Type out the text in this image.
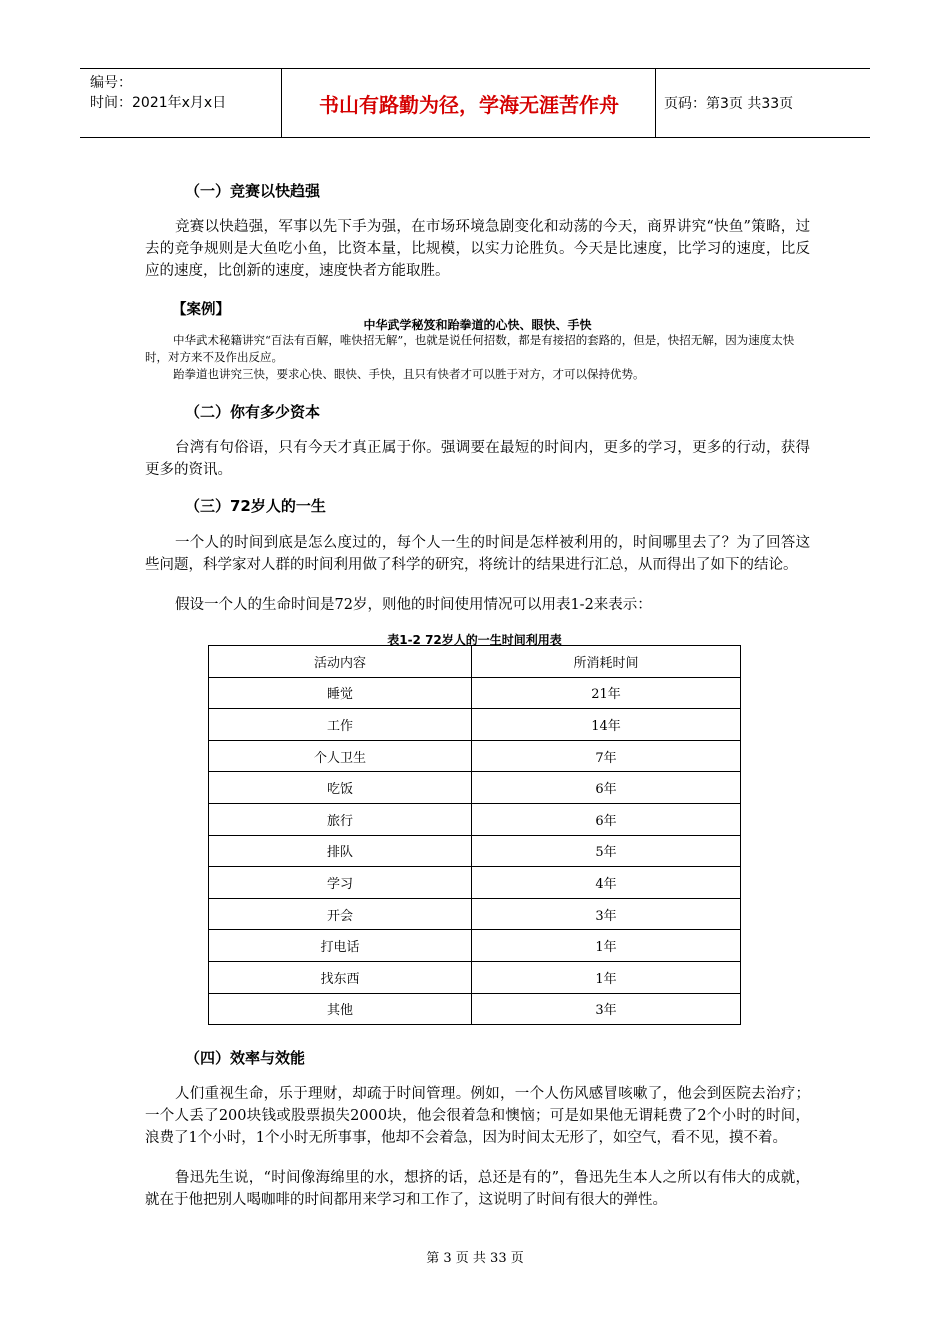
编号：
时间：2021年x月x日	书山有路勤为径，学海无涯苦作舟	页码：第3页 共33页
（一）竞赛以快趋强
竞赛以快趋强，军事以先下手为强，在市场环境急剧变化和动荡的今天，商界讲究“快鱼”策略，过去的竞争规则是大鱼吃小鱼，比资本量，比规模，以实力论胜负。今天是比速度，比学习的速度，比反应的速度，比创新的速度，速度快者方能取胜。
【案例】
中华武学秘笈和跆拳道的心快、眼快、手快
中华武术秘籍讲究“百法有百解，唯快招无解”，也就是说任何招数，都是有接招的套路的，但是，快招无解，因为速度太快时，对方来不及作出反应。
跆拳道也讲究三快，要求心快、眼快、手快，且只有快者才可以胜于对方，才可以保持优势。
（二）你有多少资本
台湾有句俗语，只有今天才真正属于你。强调要在最短的时间内，更多的学习，更多的行动，获得更多的资讯。
（三）72岁人的一生
一个人的时间到底是怎么度过的，每个人一生的时间是怎样被利用的，时间哪里去了？为了回答这些问题，科学家对人群的时间利用做了科学的研究，将统计的结果进行汇总，从而得出了如下的结论。
假设一个人的生命时间是72岁，则他的时间使用情况可以用表1-2来表示：
表1-2 72岁人的一生时间利用表
活动内容	所消耗时间
睡觉	21年
工作	14年
个人卫生	7年
吃饭	6年
旅行	6年
排队	5年
学习	4年
开会	3年
打电话	1年
找东西	1年
其他	3年
（四）效率与效能
人们重视生命，乐于理财，却疏于时间管理。例如，一个人伤风感冒咳嗽了，他会到医院去治疗；一个人丢了200块钱或股票损失2000块，他会很着急和懊恼；可是如果他无谓耗费了2个小时的时间，浪费了1个小时，1个小时无所事事，他却不会着急，因为时间太无形了，如空气，看不见，摸不着。
鲁迅先生说，“时间像海绵里的水，想挤的话，总还是有的”，鲁迅先生本人之所以有伟大的成就，就在于他把别人喝咖啡的时间都用来学习和工作了，这说明了时间有很大的弹性。
第 3 页 共 33 页
